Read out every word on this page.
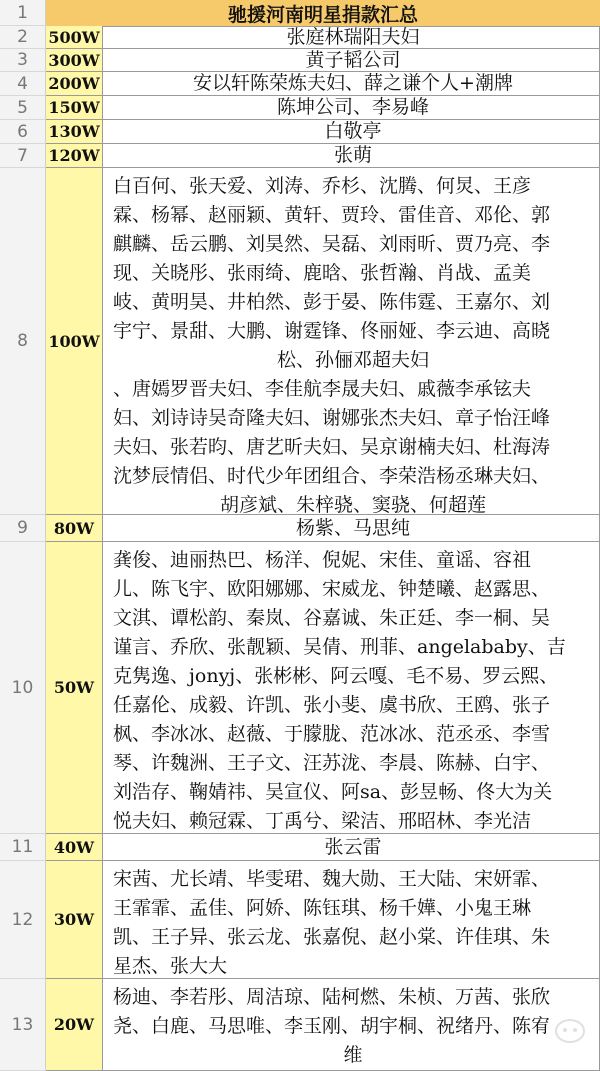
1	驰援河南明星捐款汇总
2	500W	张庭林瑞阳夫妇
3	300W	黄子韬公司
4	200W	安以轩陈荣炼夫妇、薛之谦个人+潮牌
5	150W	陈坤公司、李易峰
6	130W	白敬亭
7	120W	张萌
8	100W
白百何、张天爱、刘涛、乔杉、沈腾、何炅、王彦
霖、杨幂、赵丽颖、黄轩、贾玲、雷佳音、邓伦、郭
麒麟、岳云鹏、刘昊然、吴磊、刘雨昕、贾乃亮、李
现、关晓彤、张雨绮、鹿晗、张哲瀚、肖战、孟美
岐、黄明昊、井柏然、彭于晏、陈伟霆、王嘉尔、刘
宇宁、景甜、大鹏、谢霆锋、佟丽娅、李云迪、高晓
松、孙俪邓超夫妇
、唐嫣罗晋夫妇、李佳航李晟夫妇、戚薇李承铉夫
妇、刘诗诗吴奇隆夫妇、谢娜张杰夫妇、章子怡汪峰
夫妇、张若昀、唐艺昕夫妇、吴京谢楠夫妇、杜海涛
沈梦辰情侣、时代少年团组合、李荣浩杨丞琳夫妇、
胡彦斌、朱梓骁、窦骁、何超莲
9	80W	杨紫、马思纯
10	50W
龚俊、迪丽热巴、杨洋、倪妮、宋佳、童谣、容祖
儿、陈飞宇、欧阳娜娜、宋威龙、钟楚曦、赵露思、
文淇、谭松韵、秦岚、谷嘉诚、朱正廷、李一桐、吴
谨言、乔欣、张靓颖、吴倩、刑菲、angelababy、吉
克隽逸、jonyj、张彬彬、阿云嘎、毛不易、罗云熙、
任嘉伦、成毅、许凯、张小斐、虞书欣、王鸥、张子
枫、李冰冰、赵薇、于朦胧、范冰冰、范丞丞、李雪
琴、许魏洲、王子文、汪苏泷、李晨、陈赫、白宇、
刘浩存、鞠婧祎、吴宣仪、阿sa、彭昱畅、佟大为关
悦夫妇、赖冠霖、丁禹兮、梁洁、邢昭林、李光洁
11	40W	张云雷
12	30W
宋茜、尤长靖、毕雯珺、魏大勋、王大陆、宋妍霏、
王霏霏、孟佳、阿娇、陈钰琪、杨千嬅、小鬼王琳
凯、王子异、张云龙、张嘉倪、赵小棠、许佳琪、朱
星杰、张大大
13	20W
杨迪、李若彤、周洁琼、陆柯燃、朱桢、万茜、张欣
尧、白鹿、马思唯、李玉刚、胡宇桐、祝绪丹、陈宥
维
